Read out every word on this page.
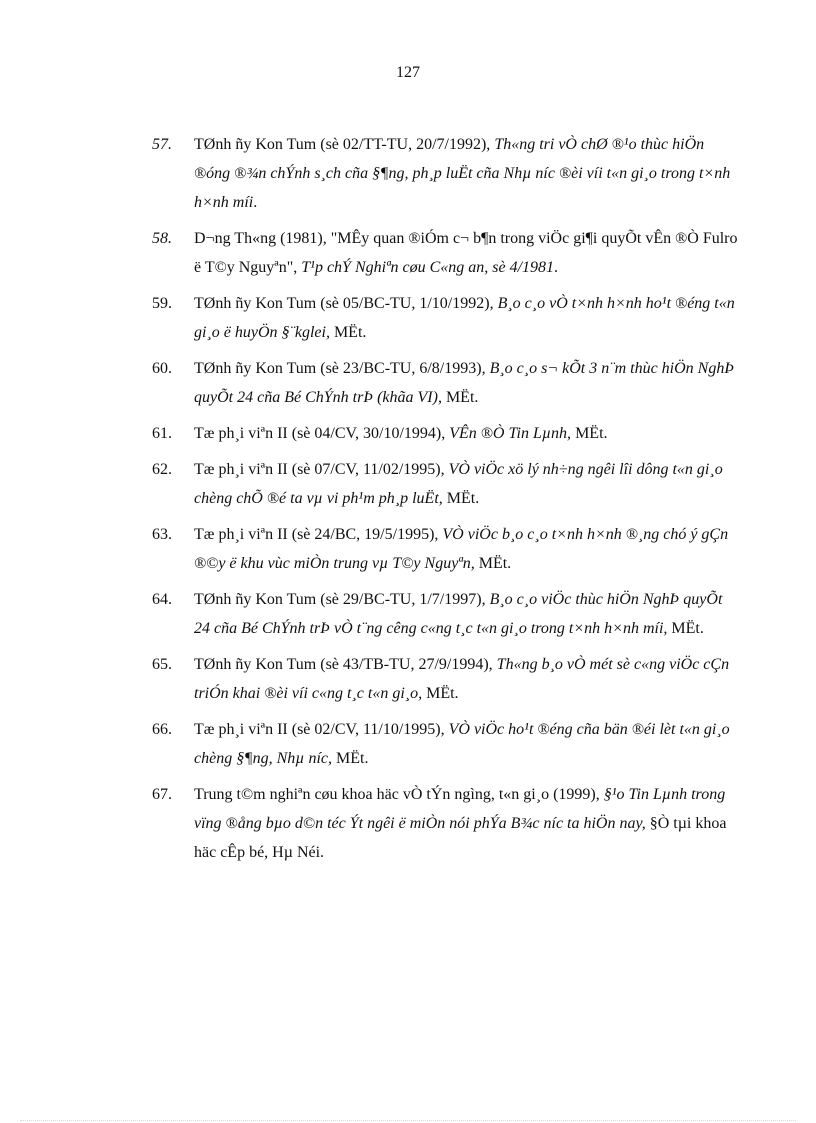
127
57. TØnh ñy Kon Tum (sè 02/TT-TU, 20/7/1992), Th«ng tri vÒ chØ ®¹o thùc hiÖn ®óng ®¾n chÝnh s¸ch cña §¶ng, ph¸p luËt cña Nhµ níc ®èi víi t«n gi¸o trong t×nh h×nh míi.
58. D¬ng Th«ng (1981), "MÊy quan ®iÓm c¬ b¶n trong viÖc gi¶i quyÕt vÊn ®Ò Fulro ë T©y Nguyªn", T¹p chÝ Nghiªn cøu C«ng an, sè 4/1981.
59. TØnh ñy Kon Tum (sè 05/BC-TU, 1/10/1992), B¸o c¸o vÒ t×nh h×nh ho¹t ®éng t«n gi¸o ë huyÖn §¨kglei, MËt.
60. TØnh ñy Kon Tum (sè 23/BC-TU, 6/8/1993), B¸o c¸o s¬ kÕt 3 n¨m thùc hiÖn NghÞ quyÕt 24 cña Bé ChÝnh trÞ (khãa VI), MËt.
61. Tæ ph¸i viªn II (sè 04/CV, 30/10/1994), VÊn ®Ò Tin Lµnh, MËt.
62. Tæ ph¸i viªn II (sè 07/CV, 11/02/1995), VÒ viÖc xö lý nh÷ng ngêi lîi dông t«n gi¸o chèng chÕ ®é ta vµ vi ph¹m ph¸p luËt, MËt.
63. Tæ ph¸i viªn II (sè 24/BC, 19/5/1995), VÒ viÖc b¸o c¸o t×nh h×nh ®¸ng chó ý gÇn ®©y ë khu vùc miÒn trung vµ T©y Nguyªn, MËt.
64. TØnh ñy Kon Tum (sè 29/BC-TU, 1/7/1997), B¸o c¸o viÖc thùc hiÖn NghÞ quyÕt 24 cña Bé ChÝnh trÞ vÒ t¨ng cêng c«ng t¸c t«n gi¸o trong t×nh h×nh míi, MËt.
65. TØnh ñy Kon Tum (sè 43/TB-TU, 27/9/1994), Th«ng b¸o vÒ mét sè c«ng viÖc cÇn triÓn khai ®èi víi c«ng t¸c t«n gi¸o, MËt.
66. Tæ ph¸i viªn II (sè 02/CV, 11/10/1995), VÒ viÖc ho¹t ®éng cña bän ®éi lèt t«n gi¸o chèng §¶ng, Nhµ níc, MËt.
67. Trung t©m nghiªn cøu khoa häc vÒ tÝn ngìng, t«n gi¸o (1999), §¹o Tin Lµnh trong vïng ®ång bµo d©n téc Ýt ngêi ë miÒn nói phÝa B¾c níc ta hiÖn nay, §Ò tµi khoa häc cÊp bé, Hµ Néi.
